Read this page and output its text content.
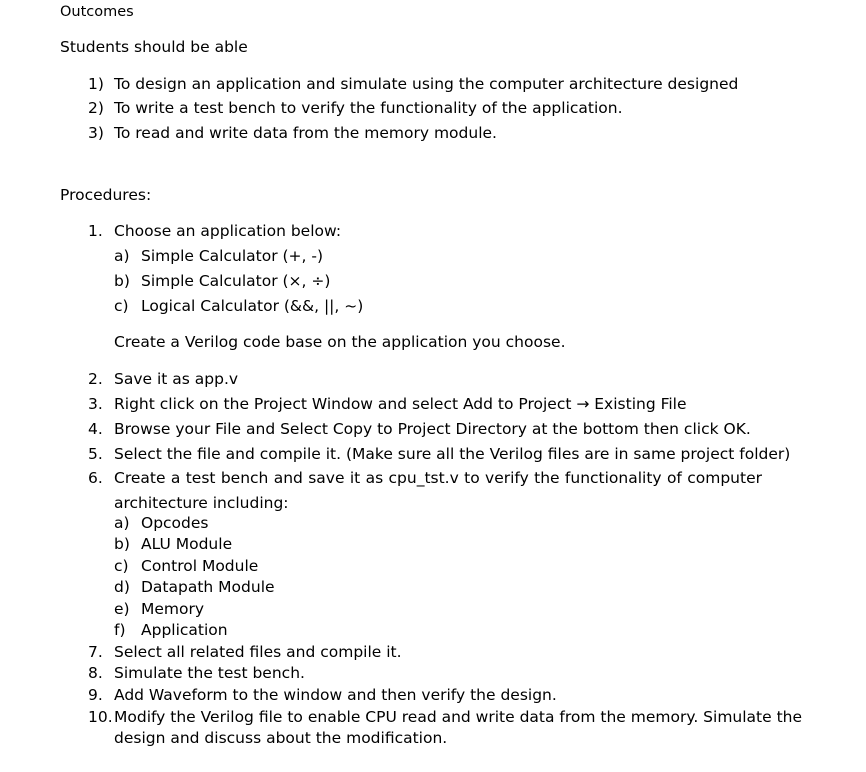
Outcomes
Students should be able
1) To design an application and simulate using the computer architecture designed
2) To write a test bench to verify the functionality of the application.
3) To read and write data from the memory module.
Procedures:
1. Choose an application below:
a) Simple Calculator (+, -)
b) Simple Calculator (×, ÷)
c) Logical Calculator (&&, ||, ~)
Create a Verilog code base on the application you choose.
2. Save it as app.v
3. Right click on the Project Window and select Add to Project → Existing File
4. Browse your File and Select Copy to Project Directory at the bottom then click OK.
5. Select the file and compile it. (Make sure all the Verilog files are in same project folder)
6. Create a test bench and save it as cpu_tst.v to verify the functionality of computer
architecture including:
a) Opcodes
b) ALU Module
c) Control Module
d) Datapath Module
e) Memory
f) Application
7. Select all related files and compile it.
8. Simulate the test bench.
9. Add Waveform to the window and then verify the design.
10. Modify the Verilog file to enable CPU read and write data from the memory. Simulate the
design and discuss about the modification.
